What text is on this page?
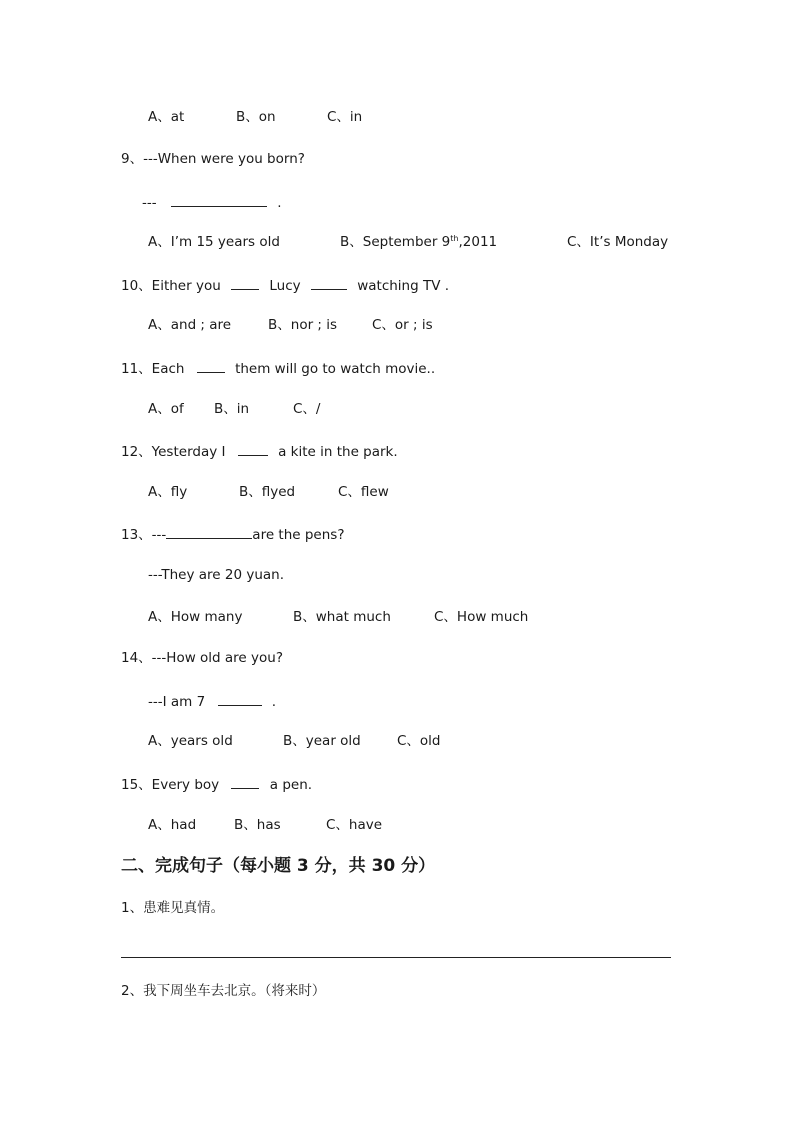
A、at	B、on	C、in
9、---When were you born?
---	.
A、I’m 15 years old	B、September 9th,2011	C、It’s Monday
10、Either you	Lucy	watching TV .
A、and ; are	B、nor ; is	C、or ; is
11、Each	them will go to watch movie..
A、of B、in	C、/
12、Yesterday I	a kite in the park.
A、fly	B、flyed	C、flew
13、---	are the pens?
---They are 20 yuan.
A、How many	B、what much	C、How much
14、---How old are you?
---I am 7	.
A、years old	B、year old	C、old
15、Every boy	a pen.
A、had	B、has	C、have
二、完成句子（每小题 3 分，共 30 分）
1、患难见真情。
2、我下周坐车去北京。（将来时）
